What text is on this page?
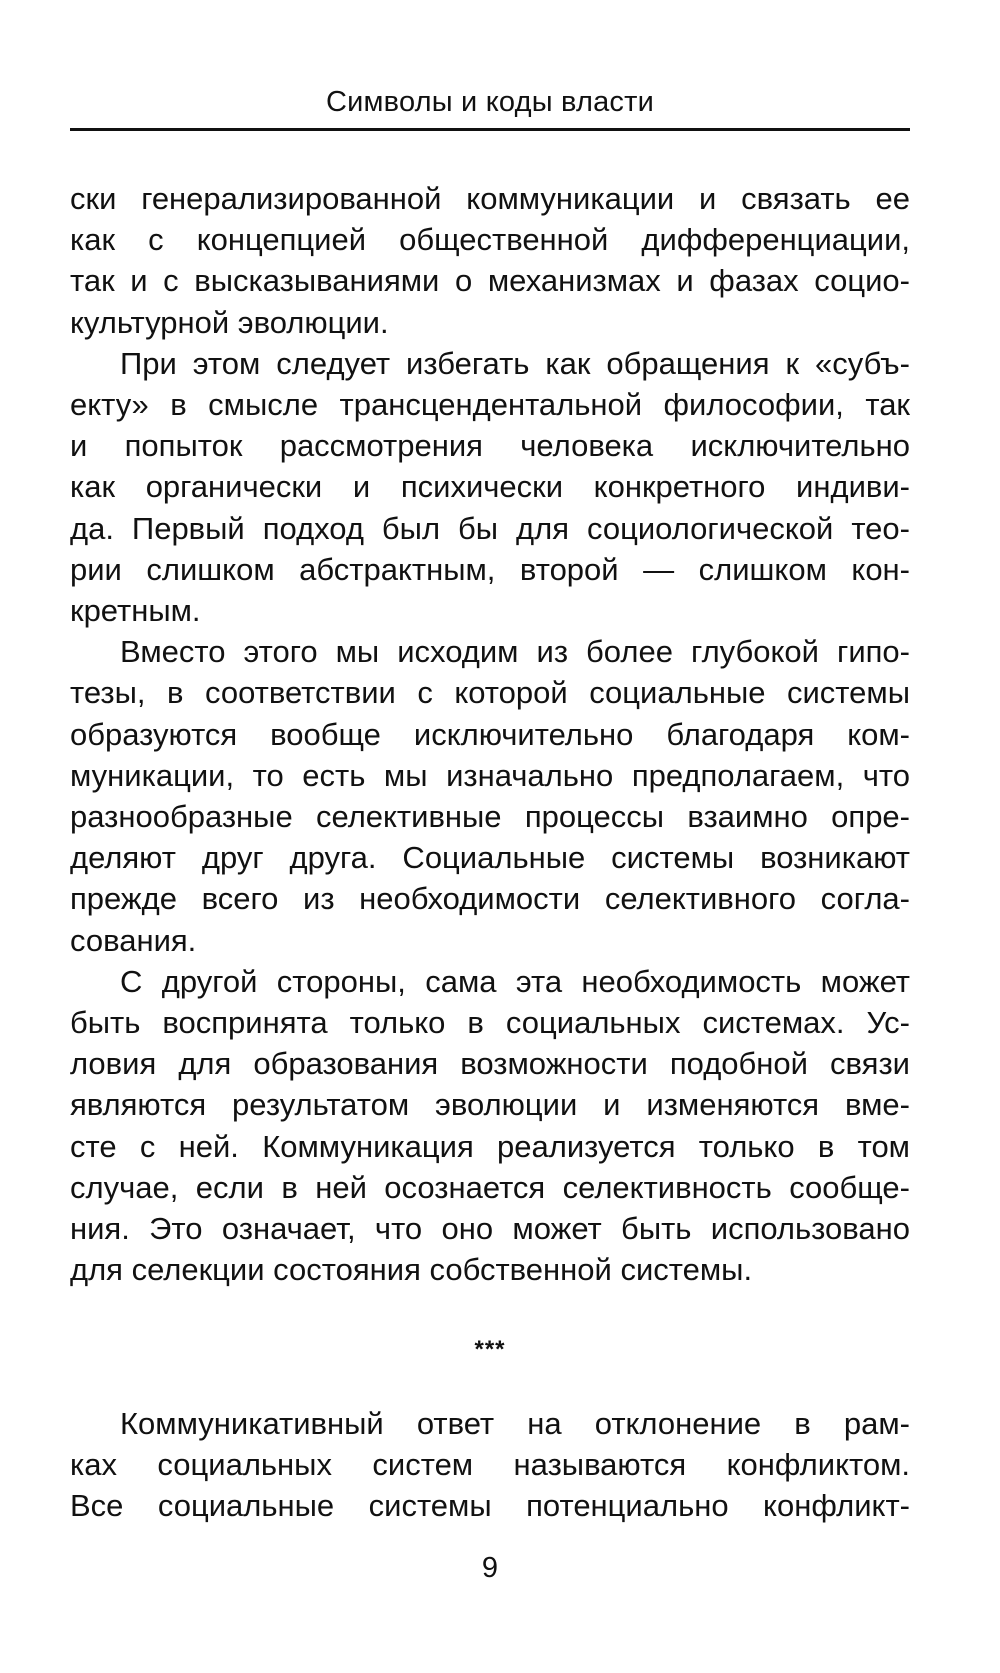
Символы и коды власти

ски генерализированной коммуникации и связать ее
как с концепцией общественной дифференциации,
так и с высказываниями о механизмах и фазах социо-
культурной эволюции.

При этом следует избегать как обращения к «субъ-
екту» в смысле трансцендентальной философии, так
и попыток рассмотрения человека исключительно
как органически и психически конкретного индиви-
да. Первый подход был бы для социологической тео-
рии слишком абстрактным, второй — слишком кон-
кретным.

Вместо этого мы исходим из более глубокой гипо-
тезы, в соответствии с которой социальные системы
образуются вообще исключительно благодаря ком-
муникации, то есть мы изначально предполагаем, что
разнообразные селективные процессы взаимно опре-
деляют друг друга. Социальные системы возникают
прежде всего из необходимости селективного согла-
сования.

С другой стороны, сама эта необходимость может
быть воспринята только в социальных системах. Ус-
ловия для образования возможности подобной связи
являются результатом эволюции и изменяются вме-
сте с ней. Коммуникация реализуется только в том
случае, если в ней осознается селективность сообще-
ния. Это означает, что оно может быть использовано
для селекции состояния собственной системы.

***

Коммуникативный ответ на отклонение в рам-
ках социальных систем называются конфликтом.
Все социальные системы потенциально конфликт-

9
